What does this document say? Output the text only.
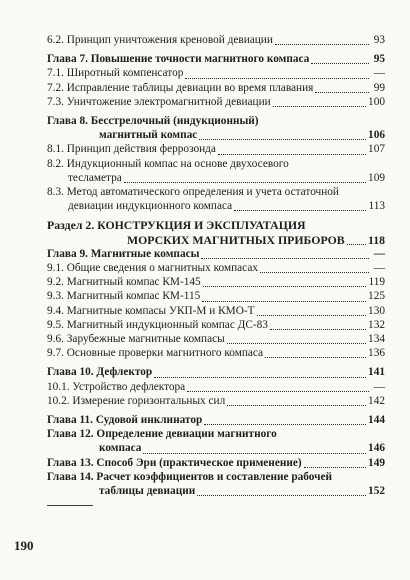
6.2. Принцип уничтожения креновой девиации	93
Глава 7. Повышение точности магнитного компаса	95
7.1. Широтный компенсатор	—
7.2. Исправление таблицы девиации во время плавания	99
7.3. Уничтожение электромагнитной девиации	100
Глава 8. Бесстрелочный (индукционный)
магнитный компас	106
8.1. Принцип действия феррозонда	107
8.2. Индукционный компас на основе двухосевого
тесламетра	109
8.3. Метод автоматического определения и учета остаточной
девиации индукционного компаса	113
Раздел 2. КОНСТРУКЦИЯ И ЭКСПЛУАТАЦИЯ
МОРСКИХ МАГНИТНЫХ ПРИБОРОВ 118
Глава 9. Магнитные компасы	—
9.1. Общие сведения о магнитных компасах	—
9.2. Магнитный компас КМ-145	119
9.3. Магнитный компас КМ-115	125
9.4. Магнитные компасы УКП-М и КМО-Т	130
9.5. Магнитный индукционный компас ДС-83	132
9.6. Зарубежные магнитные компасы	134
9.7. Основные проверки магнитного компаса	136
Глава 10. Дефлектор	141
10.1. Устройство дефлектора	—
10.2. Измерение горизонтальных сил	142
Глава 11. Судовой инклинатор	144
Глава 12. Определение девиации магнитного
компаса	146
Глава 13. Способ Эри (практическое применение)	149
Глава 14. Расчет коэффициентов и составление рабочей
таблицы девиации	152
190
